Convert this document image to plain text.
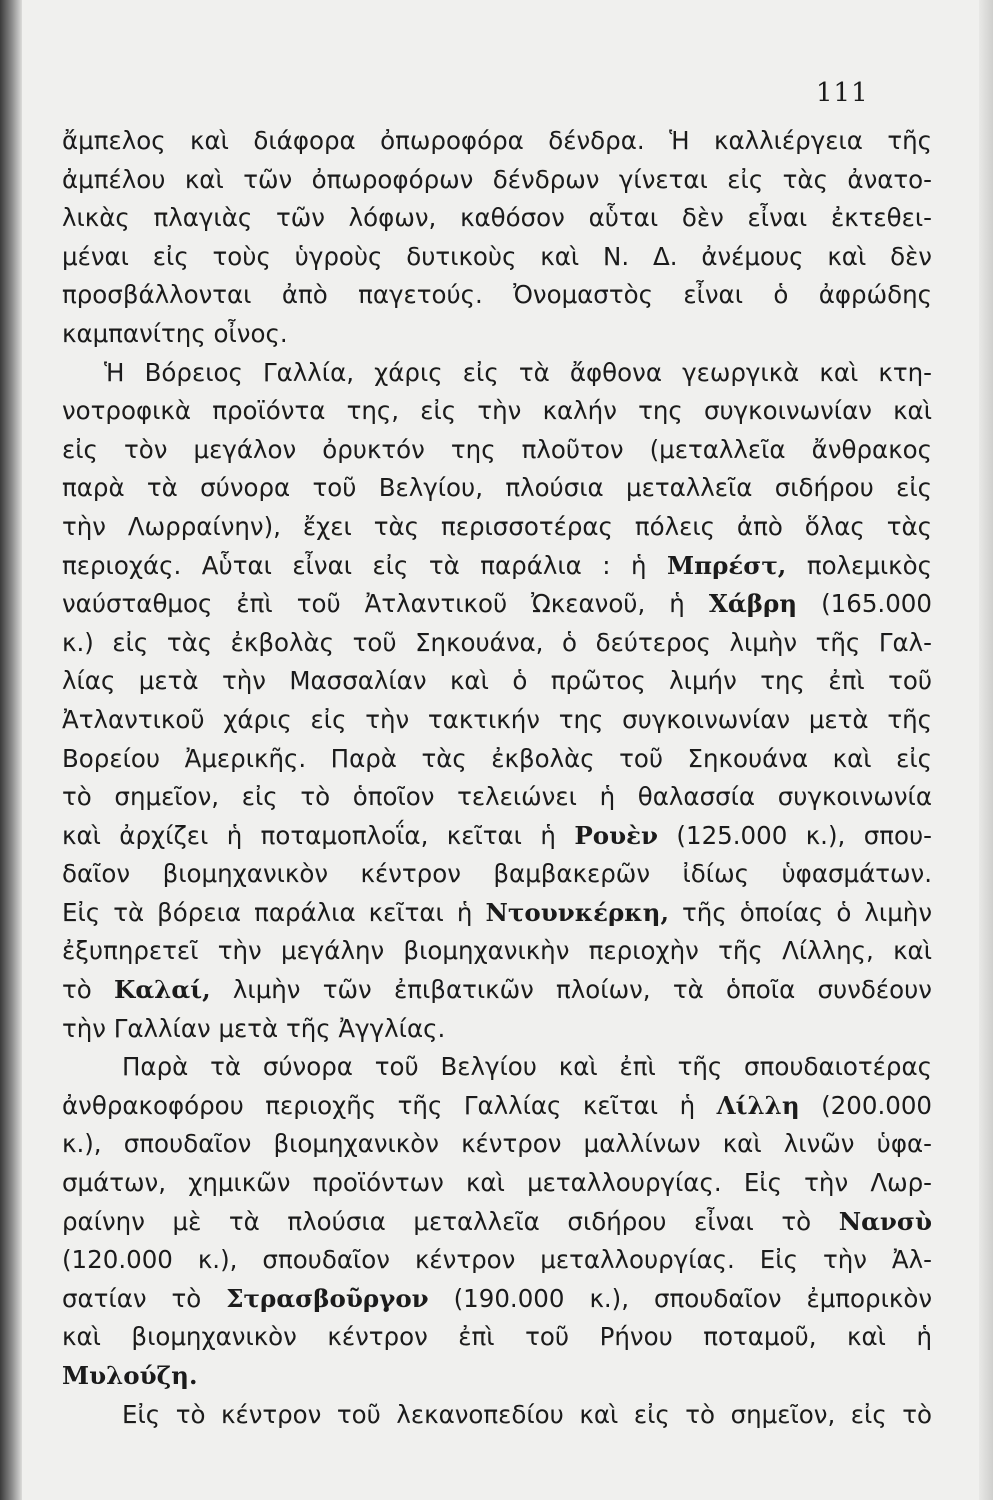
111
ἄμπελος καὶ διάφορα ὀπωροφόρα δένδρα. Ἡ καλλιέργεια τῆς
ἀμπέλου καὶ τῶν ὀπωροφόρων δένδρων γίνεται εἰς τὰς ἀνατο-
λικὰς πλαγιὰς τῶν λόφων, καθόσον αὗται δὲν εἶναι ἐκτεθει-
μέναι εἰς τοὺς ὑγροὺς δυτικοὺς καὶ Ν. Δ. ἀνέμους καὶ δὲν
προσβάλλονται ἀπὸ παγετούς. Ὀνομαστὸς εἶναι ὁ ἀφρώδης
καμπανίτης οἶνος.
Ἡ Βόρειος Γαλλία, χάρις εἰς τὰ ἄφθονα γεωργικὰ καὶ κτη-
νοτροφικὰ προϊόντα της, εἰς τὴν καλήν της συγκοινωνίαν καὶ
εἰς τὸν μεγάλον ὀρυκτόν της πλοῦτον (μεταλλεῖα ἄνθρακος
παρὰ τὰ σύνορα τοῦ Βελγίου, πλούσια μεταλλεῖα σιδήρου εἰς
τὴν Λωρραίνην), ἔχει τὰς περισσοτέρας πόλεις ἀπὸ ὅλας τὰς
περιοχάς. Αὗται εἶναι εἰς τὰ παράλια : ἡ Μπρέστ, πολεμικὸς
ναύσταθμος ἐπὶ τοῦ Ἀτλαντικοῦ Ὠκεανοῦ, ἡ Χάβρη (165.000
κ.) εἰς τὰς ἐκβολὰς τοῦ Σηκουάνα, ὁ δεύτερος λιμὴν τῆς Γαλ-
λίας μετὰ τὴν Μασσαλίαν καὶ ὁ πρῶτος λιμήν της ἐπὶ τοῦ
Ἀτλαντικοῦ χάρις εἰς τὴν τακτικήν της συγκοινωνίαν μετὰ τῆς
Βορείου Ἀμερικῆς. Παρὰ τὰς ἐκβολὰς τοῦ Σηκουάνα καὶ εἰς
τὸ σημεῖον, εἰς τὸ ὁποῖον τελειώνει ἡ θαλασσία συγκοινωνία
καὶ ἀρχίζει ἡ ποταμοπλοΐα, κεῖται ἡ Ρουὲν (125.000 κ.), σπου-
δαῖον βιομηχανικὸν κέντρον βαμβακερῶν ἰδίως ὑφασμάτων.
Εἰς τὰ βόρεια παράλια κεῖται ἡ Ντουνκέρκη, τῆς ὁποίας ὁ λιμὴν
ἐξυπηρετεῖ τὴν μεγάλην βιομηχανικὴν περιοχὴν τῆς Λίλλης, καὶ
τὸ Καλαί, λιμὴν τῶν ἐπιβατικῶν πλοίων, τὰ ὁποῖα συνδέουν
τὴν Γαλλίαν μετὰ τῆς Ἀγγλίας.
Παρὰ τὰ σύνορα τοῦ Βελγίου καὶ ἐπὶ τῆς σπουδαιοτέρας
ἀνθρακοφόρου περιοχῆς τῆς Γαλλίας κεῖται ἡ Λίλλη (200.000
κ.), σπουδαῖον βιομηχανικὸν κέντρον μαλλίνων καὶ λινῶν ὑφα-
σμάτων, χημικῶν προϊόντων καὶ μεταλλουργίας. Εἰς τὴν Λωρ-
ραίνην μὲ τὰ πλούσια μεταλλεῖα σιδήρου εἶναι τὸ Νανσὺ
(120.000 κ.), σπουδαῖον κέντρον μεταλλουργίας. Εἰς τὴν Ἀλ-
σατίαν τὸ Στρασβοῦργον (190.000 κ.), σπουδαῖον ἐμπορικὸν
καὶ βιομηχανικὸν κέντρον ἐπὶ τοῦ Ρήνου ποταμοῦ, καὶ ἡ
Μυλούζη.
Εἰς τὸ κέντρον τοῦ λεκανοπεδίου καὶ εἰς τὸ σημεῖον, εἰς τὸ
